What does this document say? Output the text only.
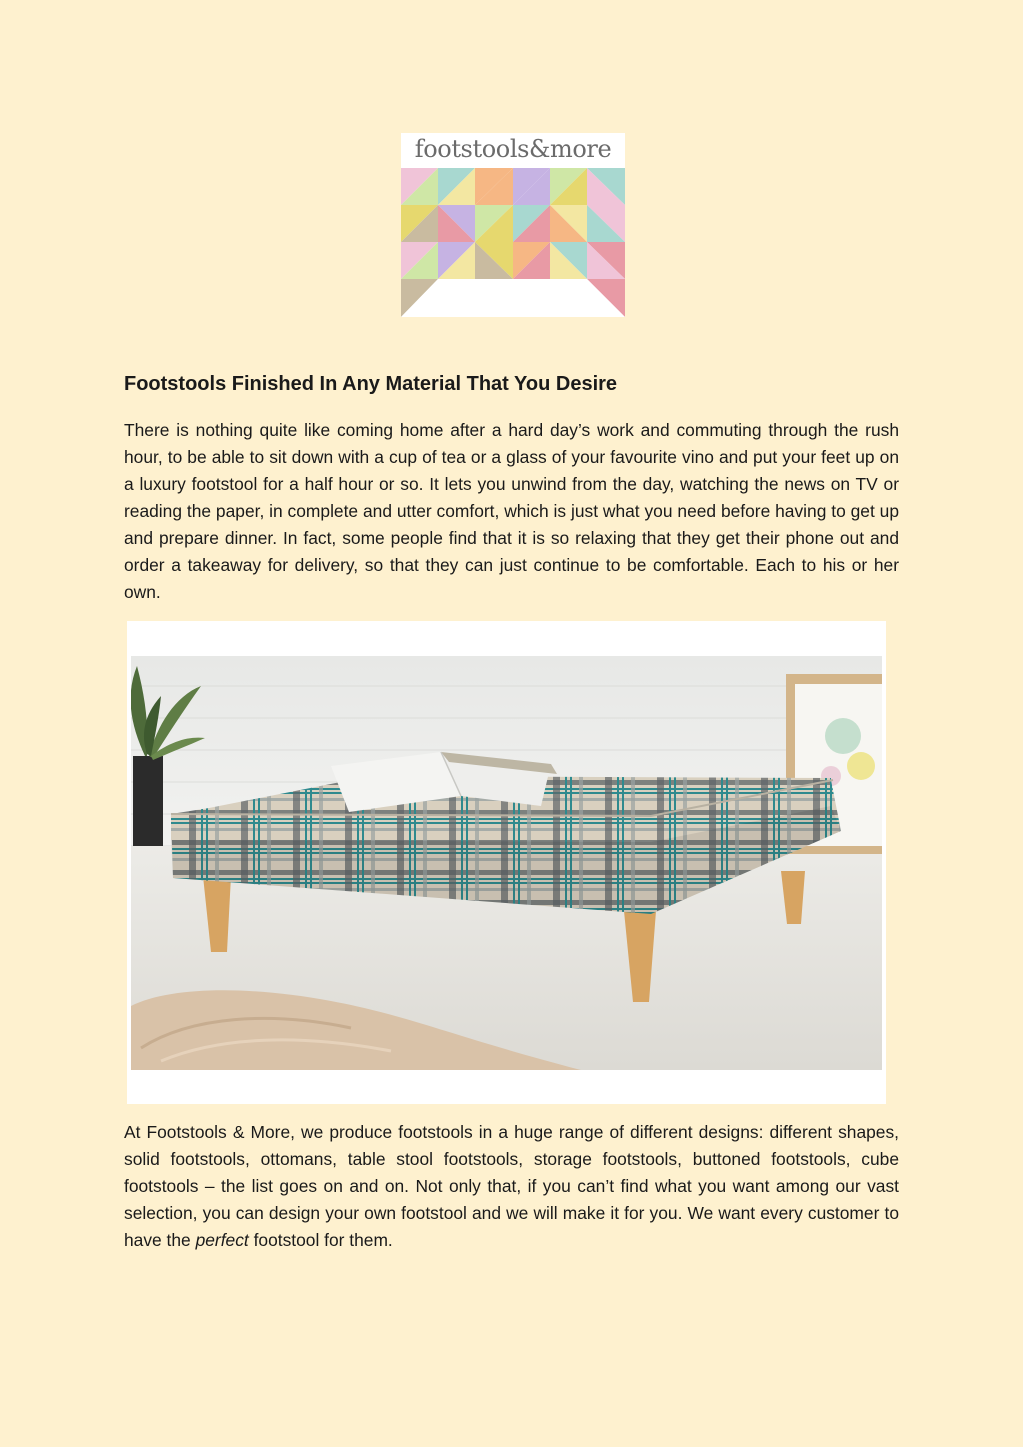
footstools&more
Footstools Finished In Any Material That You Desire

There is nothing quite like coming home after a hard day’s work and commuting through the rush hour, to be able to sit down with a cup of tea or a glass of your favourite vino and put your feet up on a luxury footstool for a half hour or so. It lets you unwind from the day, watching the news on TV or reading the paper, in complete and utter comfort, which is just what you need before having to get up and prepare dinner. In fact, some people find that it is so relaxing that they get their phone out and order a takeaway for delivery, so that they can just continue to be comfortable. Each to his or her own.

At Footstools & More, we produce footstools in a huge range of different designs: different shapes, solid footstools, ottomans, table stool footstools, storage footstools, buttoned footstools, cube footstools – the list goes on and on. Not only that, if you can’t find what you want among our vast selection, you can design your own footstool and we will make it for you. We want every customer to have the perfect footstool for them.
